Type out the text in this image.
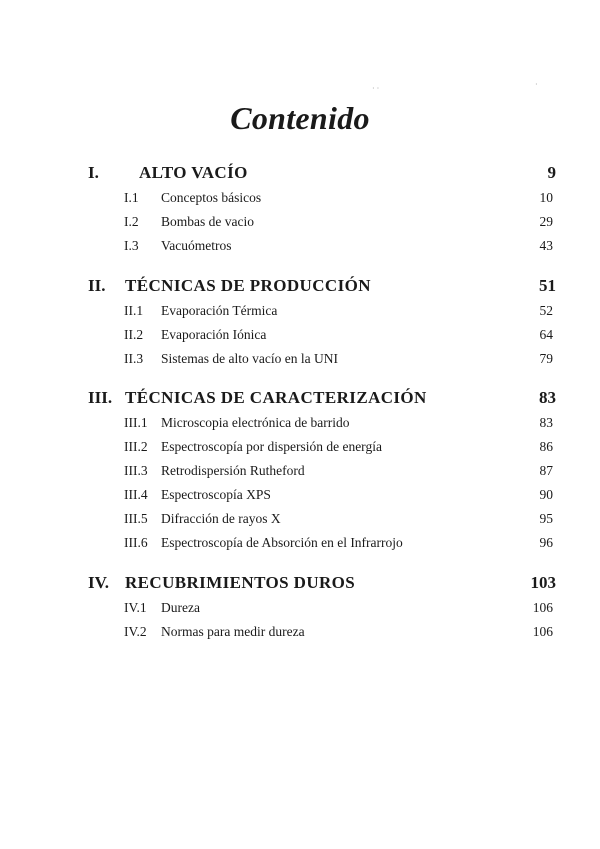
· ·	·
Contenido
I. ALTO VACÍO	9
I.1 Conceptos básicos	10
I.2 Bombas de vacio	29
I.3 Vacuómetros	43
II. TÉCNICAS DE PRODUCCIÓN	51
II.1 Evaporación Térmica	52
II.2 Evaporación Iónica	64
II.3 Sistemas de alto vacío en la UNI	79
III. TÉCNICAS DE CARACTERIZACIÓN	83
III.1 Microscopia electrónica de barrido	83
III.2 Espectroscopía por dispersión de energía	86
III.3 Retrodispersión Rutheford	87
III.4 Espectroscopía XPS	90
III.5 Difracción de rayos X	95
III.6 Espectroscopía de Absorción en el Infrarrojo	96
IV. RECUBRIMIENTOS DUROS	103
IV.1 Dureza	106
IV.2 Normas para medir dureza	106
